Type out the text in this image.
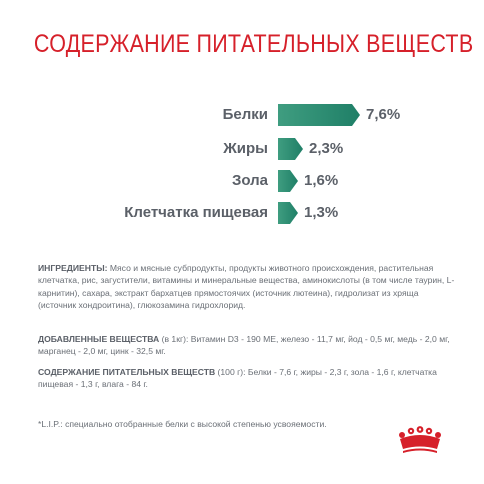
СОДЕРЖАНИЕ ПИТАТЕЛЬНЫХ ВЕЩЕСТВ
Белки	7,6%
Жиры	2,3%
Зола 1,6%
Клетчатка пищевая 1,3%
ИНГРЕДИЕНТЫ: Мясо и мясные субпродукты, продукты животного происхождения, растительная клетчатка, рис, загустители, витамины и минеральные вещества, аминокислоты (в том числе таурин, L-карнитин), сахара, экстракт бархатцев прямостоячих (источник лютеина), гидролизат из хряща (источник хондроитина), глюкозамина гидрохлорид.
ДОБАВЛЕННЫЕ ВЕЩЕСТВА (в 1кг): Витамин D3 - 190 МЕ, железо - 11,7 мг, йод - 0,5 мг, медь - 2,0 мг, марганец - 2,0 мг, цинк - 32,5 мг.
СОДЕРЖАНИЕ ПИТАТЕЛЬНЫХ ВЕЩЕСТВ (100 г): Белки - 7,6 г, жиры - 2,3 г, зола - 1,6 г, клетчатка пищевая - 1,3 г, влага - 84 г.
*L.I.P.: специально отобранные белки с высокой степенью усвояемости.
